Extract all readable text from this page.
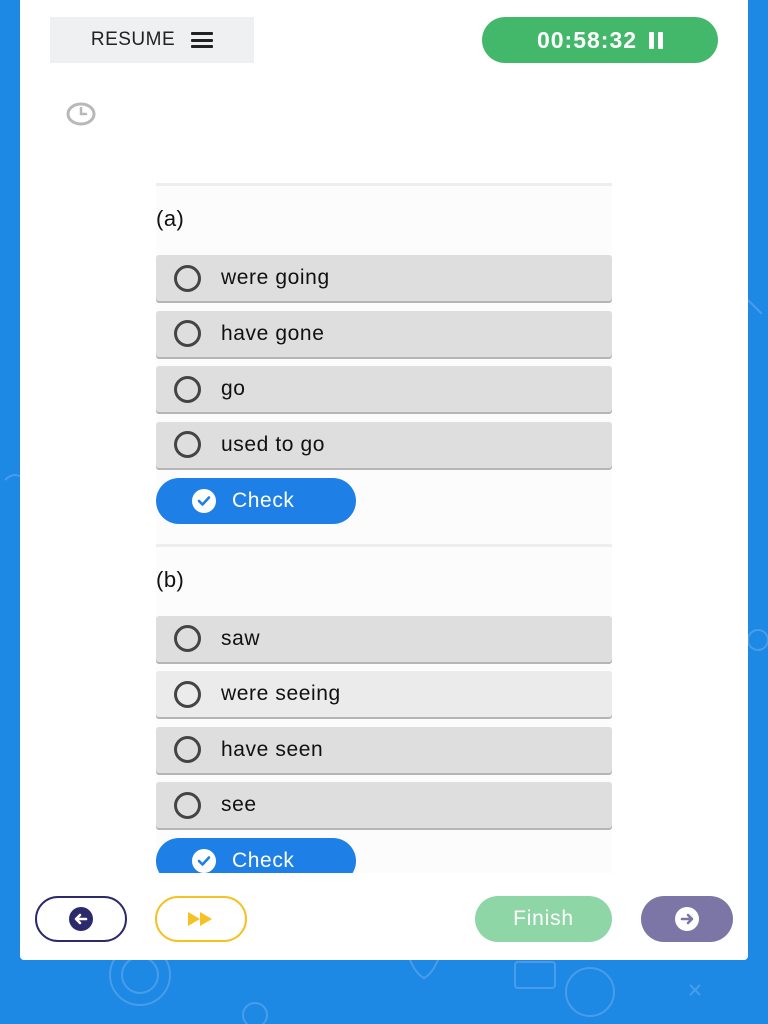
RESUME	00:58:32
(a)
were going
have gone
go
used to go
Check
(b)
saw
were seeing
have seen
see
Check
Finish
